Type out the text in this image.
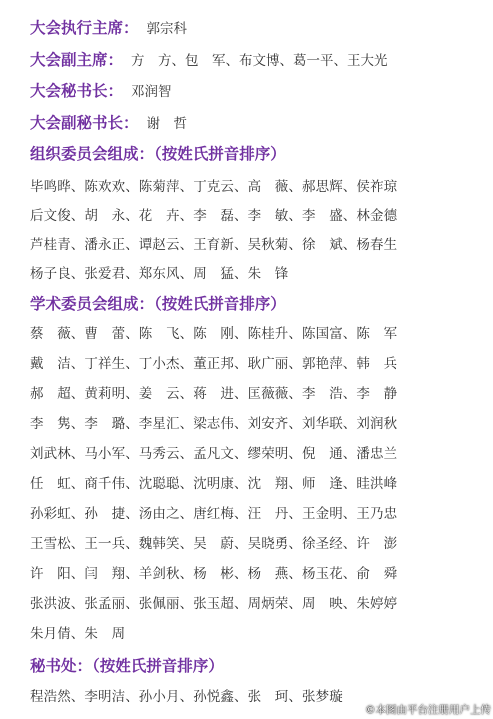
大会执行主席： 郭宗科
大会副主席： 方　方、包　军、布文博、葛一平、王大光
大会秘书长： 邓润智
大会副秘书长： 谢　哲
组织委员会组成：（按姓氏拼音排序）
毕鸣晔、陈欢欢、陈菊萍、丁克云、高　薇、郝思辉、侯祚琼
后文俊、胡　永、花　卉、李　磊、李　敏、李　盛、林金德
芦桂青、潘永正、谭赵云、王育新、吴秋菊、徐　斌、杨春生
杨子良、张爱君、郑东风、周　猛、朱　锋
学术委员会组成：（按姓氏拼音排序）
蔡　薇、曹　蕾、陈　飞、陈　刚、陈桂升、陈国富、陈　军
戴　洁、丁祥生、丁小杰、董正邦、耿广丽、郭艳萍、韩　兵
郝　超、黄莉明、姜　云、蒋　进、匡薇薇、李　浩、李　静
李　隽、李　璐、李星汇、梁志伟、刘安齐、刘华联、刘润秋
刘武林、马小军、马秀云、孟凡文、缪荣明、倪　通、潘忠兰
任　虹、商千伟、沈聪聪、沈明康、沈　翔、师　逢、眭洪峰
孙彩虹、孙　捷、汤由之、唐红梅、汪　丹、王金明、王乃忠
王雪松、王一兵、魏韩笑、吴　蔚、吴晓勇、徐圣经、许　澎
许　阳、闫　翔、羊剑秋、杨　彬、杨　燕、杨玉花、俞　舜
张洪波、张孟丽、张佩丽、张玉超、周炳荣、周　映、朱婷婷
朱月倩、朱　周
秘书处：（按姓氏拼音排序）
程浩然、李明洁、孙小月、孙悦鑫、张　珂、张梦璇
©本图由平台注册用户上传
